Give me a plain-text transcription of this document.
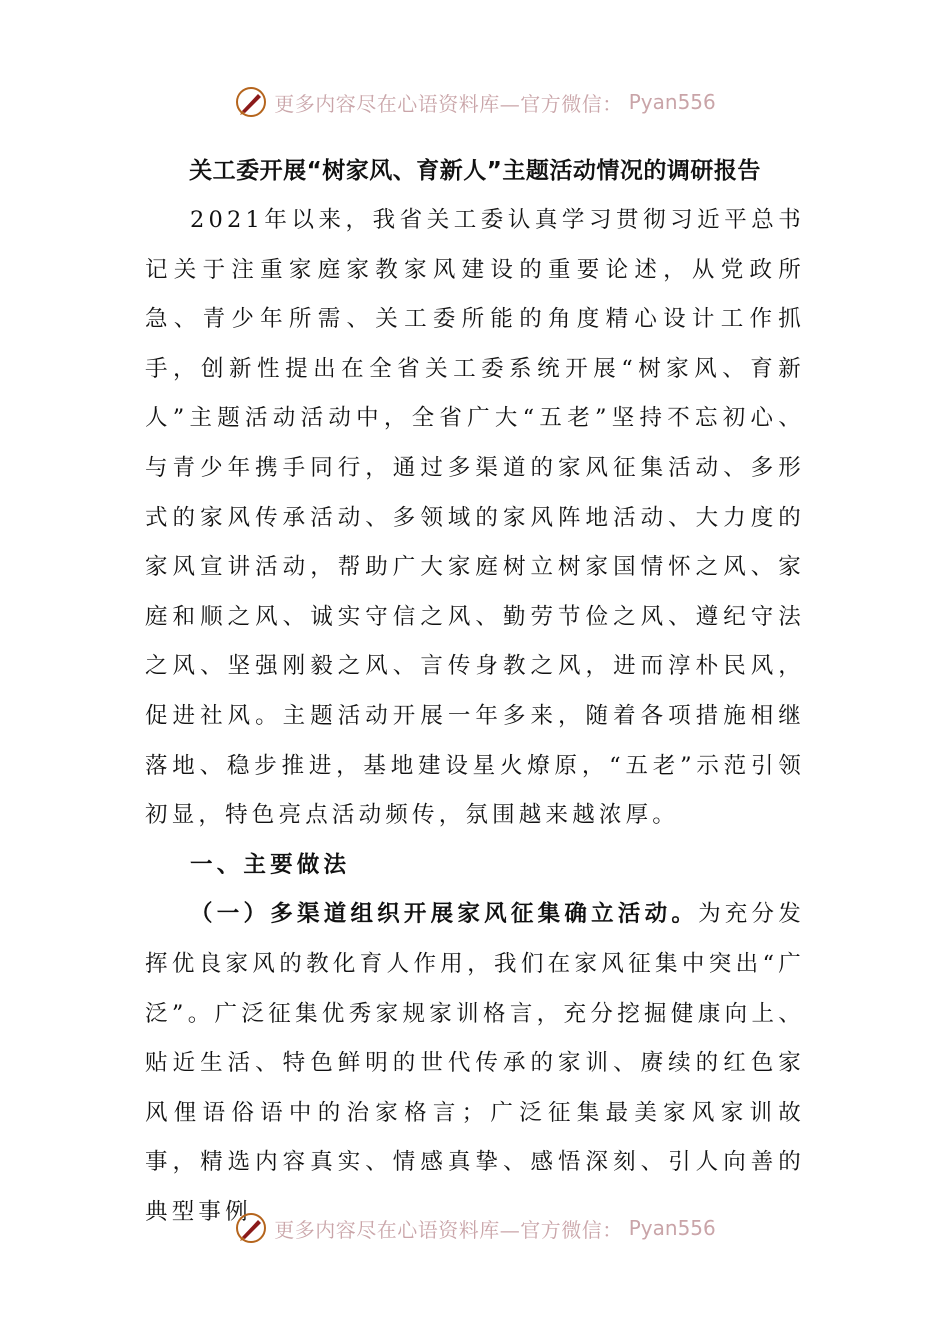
更多内容尽在心语资料库—官方微信： Pyan556
关工委开展“树家风、育新人”主题活动情况的调研报告

2021年以来，我省关工委认真学习贯彻习近平总书记关于注重家庭家教家风建设的重要论述，从党政所急、青少年所需、关工委所能的角度精心设计工作抓手，创新性提出在全省关工委系统开展“树家风、育新人”主题活动活动中，全省广大“五老”坚持不忘初心、与青少年携手同行，通过多渠道的家风征集活动、多形式的家风传承活动、多领域的家风阵地活动、大力度的家风宣讲活动，帮助广大家庭树立树家国情怀之风、家庭和顺之风、诚实守信之风、勤劳节俭之风、遵纪守法之风、坚强刚毅之风、言传身教之风，进而淳朴民风，促进社风。主题活动开展一年多来，随着各项措施相继落地、稳步推进，基地建设星火燎原，“五老”示范引领初显，特色亮点活动频传，氛围越来越浓厚。

一、主要做法

（一）多渠道组织开展家风征集确立活动。为充分发挥优良家风的教化育人作用，我们在家风征集中突出“广泛”。广泛征集优秀家规家训格言，充分挖掘健康向上、贴近生活、特色鲜明的世代传承的家训、赓续的红色家风俚语俗语中的治家格言；广泛征集最美家风家训故事，精选内容真实、情感真挚、感悟深刻、引人向善的典型事例

更多内容尽在心语资料库—官方微信： Pyan556
